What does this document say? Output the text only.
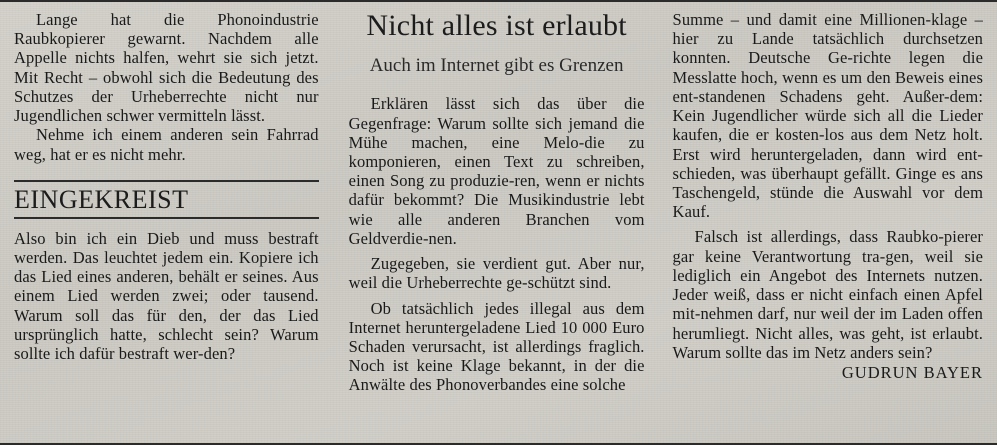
Lange hat die Phonoindustrie Raubkopierer gewarnt. Nachdem alle Appelle nichts halfen, wehrt sie sich jetzt. Mit Recht – obwohl sich die Bedeutung des Schutzes der Urheberrechte nicht nur Jugendlichen schwer vermitteln lässt.

Nehme ich einem anderen sein Fahrrad weg, hat er es nicht mehr.

EINGEKREIST

Also bin ich ein Dieb und muss bestraft werden. Das leuchtet jedem ein. Kopiere ich das Lied eines anderen, behält er seines. Aus einem Lied werden zwei; oder tausend. Warum soll das für den, der das Lied ursprünglich hatte, schlecht sein? Warum sollte ich dafür bestraft wer-den?

Nicht alles ist erlaubt
Auch im Internet gibt es Grenzen

Erklären lässt sich das über die Gegenfrage: Warum sollte sich jemand die Mühe machen, eine Melo-die zu komponieren, einen Text zu schreiben, einen Song zu produzie-ren, wenn er nichts dafür bekommt? Die Musikindustrie lebt wie alle anderen Branchen vom Geldverdie-nen.

Zugegeben, sie verdient gut. Aber nur, weil die Urheberrechte ge-schützt sind.

Ob tatsächlich jedes illegal aus dem Internet heruntergeladene Lied 10 000 Euro Schaden verursacht, ist allerdings fraglich. Noch ist keine Klage bekannt, in der die Anwälte des Phonoverbandes eine solche

Summe – und damit eine Millionen-klage – hier zu Lande tatsächlich durchsetzen konnten. Deutsche Ge-richte legen die Messlatte hoch, wenn es um den Beweis eines ent-standenen Schadens geht. Außer-dem: Kein Jugendlicher würde sich all die Lieder kaufen, die er kosten-los aus dem Netz holt. Erst wird heruntergeladen, dann wird ent-schieden, was überhaupt gefällt. Ginge es ans Taschengeld, stünde die Auswahl vor dem Kauf.

Falsch ist allerdings, dass Raubko-pierer gar keine Verantwortung tra-gen, weil sie lediglich ein Angebot des Internets nutzen. Jeder weiß, dass er nicht einfach einen Apfel mit-nehmen darf, nur weil der im Laden offen herumliegt. Nicht alles, was geht, ist erlaubt. Warum sollte das im Netz anders sein?

GUDRUN BAYER
